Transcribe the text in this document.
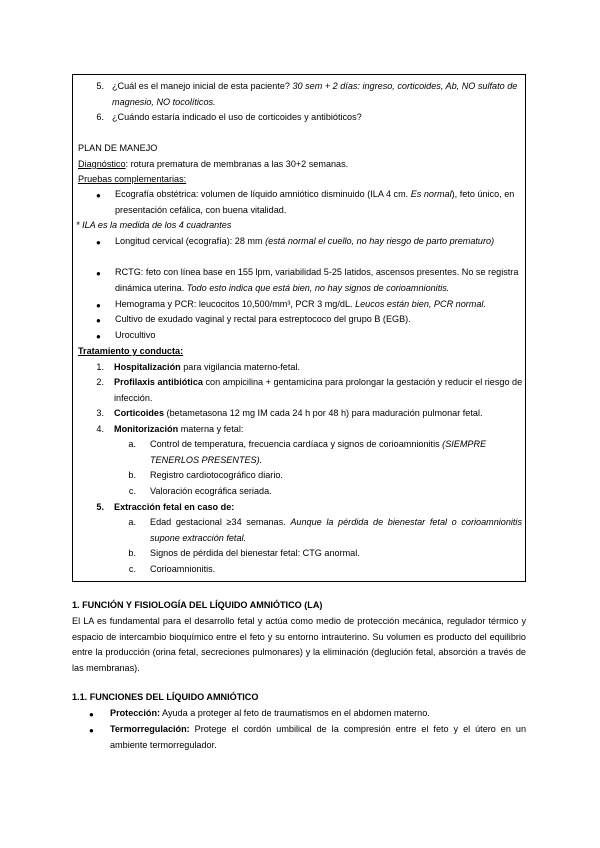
5. ¿Cuál es el manejo inicial de esta paciente? 30 sem + 2 días: ingreso, corticoides, Ab, NO sulfato de magnesio, NO tocolíticos.
6. ¿Cuándo estaría indicado el uso de corticoides y antibióticos?
PLAN DE MANEJO
Diagnóstico: rotura prematura de membranas a las 30+2 semanas.
Pruebas complementarias:
● Ecografía obstétrica: volumen de líquido amniótico disminuido (ILA 4 cm. Es normal), feto único, en presentación cefálica, con buena vitalidad.
* ILA es la medida de los 4 cuadrantes
● Longitud cervical (ecografía): 28 mm (está normal el cuello, no hay riesgo de parto prematuro)
● RCTG: feto con línea base en 155 lpm, variabilidad 5-25 latidos, ascensos presentes. No se registra dinámica uterina. Todo esto indica que está bien, no hay signos de corioamnionitis.
● Hemograma y PCR: leucocitos 10,500/mm³, PCR 3 mg/dL. Leucos están bien, PCR normal.
● Cultivo de exudado vaginal y rectal para estreptococo del grupo B (EGB).
● Urocultivo
Tratamiento y conducta:
1. Hospitalización para vigilancia materno-fetal.
2. Profilaxis antibiótica con ampicilina + gentamicina para prolongar la gestación y reducir el riesgo de infección.
3. Corticoides (betametasona 12 mg IM cada 24 h por 48 h) para maduración pulmonar fetal.
4. Monitorización materna y fetal:
a. Control de temperatura, frecuencia cardíaca y signos de corioamnionitis (SIEMPRE TENERLOS PRESENTES).
b. Registro cardiotocográfico diario.
c. Valoración ecográfica seriada.
5. Extracción fetal en caso de:
a. Edad gestacional ≥34 semanas. Aunque la pérdida de bienestar fetal o corioamnionitis supone extracción fetal.
b. Signos de pérdida del bienestar fetal: CTG anormal.
c. Corioamnionitis.
1. FUNCIÓN Y FISIOLOGÍA DEL LÍQUIDO AMNIÓTICO (LA)
El LA es fundamental para el desarrollo fetal y actúa como medio de protección mecánica, regulador térmico y espacio de intercambio bioquímico entre el feto y su entorno intrauterino. Su volumen es producto del equilibrio entre la producción (orina fetal, secreciones pulmonares) y la eliminación (deglución fetal, absorción a través de las membranas).
1.1. FUNCIONES DEL LÍQUIDO AMNIÓTICO
● Protección: Ayuda a proteger al feto de traumatismos en el abdomen materno.
● Termorregulación: Protege el cordón umbilical de la compresión entre el feto y el útero en un ambiente termorregulador.
